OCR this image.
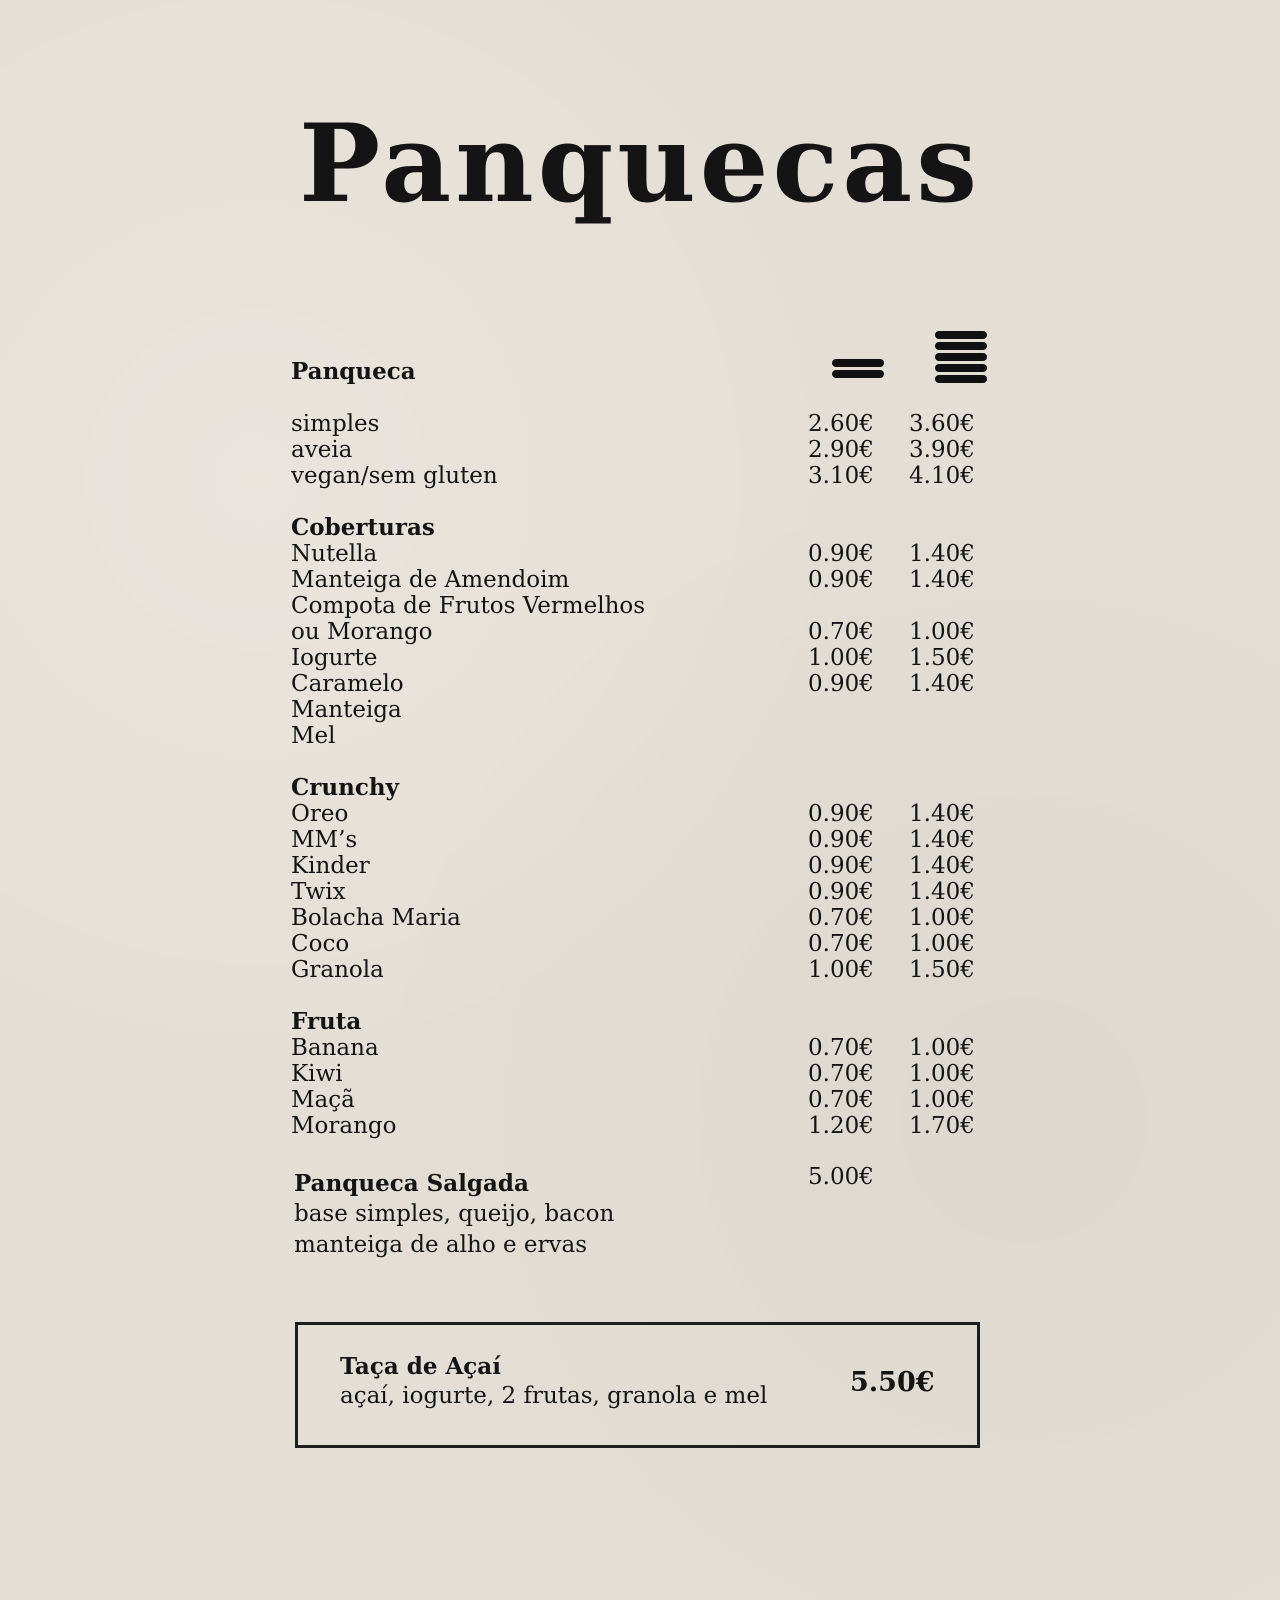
Panquecas
Panqueca
simples	2.60€ 3.60€
aveia	2.90€ 3.90€
vegan/sem gluten	3.10€ 4.10€
Coberturas
Nutella	0.90€ 1.40€
Manteiga de Amendoim	0.90€ 1.40€
Compota de Frutos Vermelhos
ou Morango	0.70€ 1.00€
Iogurte	1.00€ 1.50€
Caramelo	0.90€ 1.40€
Manteiga
Mel
Crunchy
Oreo	0.90€ 1.40€
MM’s	0.90€ 1.40€
Kinder	0.90€ 1.40€
Twix	0.90€ 1.40€
Bolacha Maria	0.70€ 1.00€
Coco	0.70€ 1.00€
Granola	1.00€ 1.50€
Fruta
Banana	0.70€ 1.00€
Kiwi	0.70€ 1.00€
Maçã	0.70€ 1.00€
Morango	1.20€ 1.70€
Panqueca Salgada	5.00€
base simples, queijo, bacon
manteiga de alho e ervas
Taça de Açaí
açaí, iogurte, 2 frutas, granola e mel	5.50€
